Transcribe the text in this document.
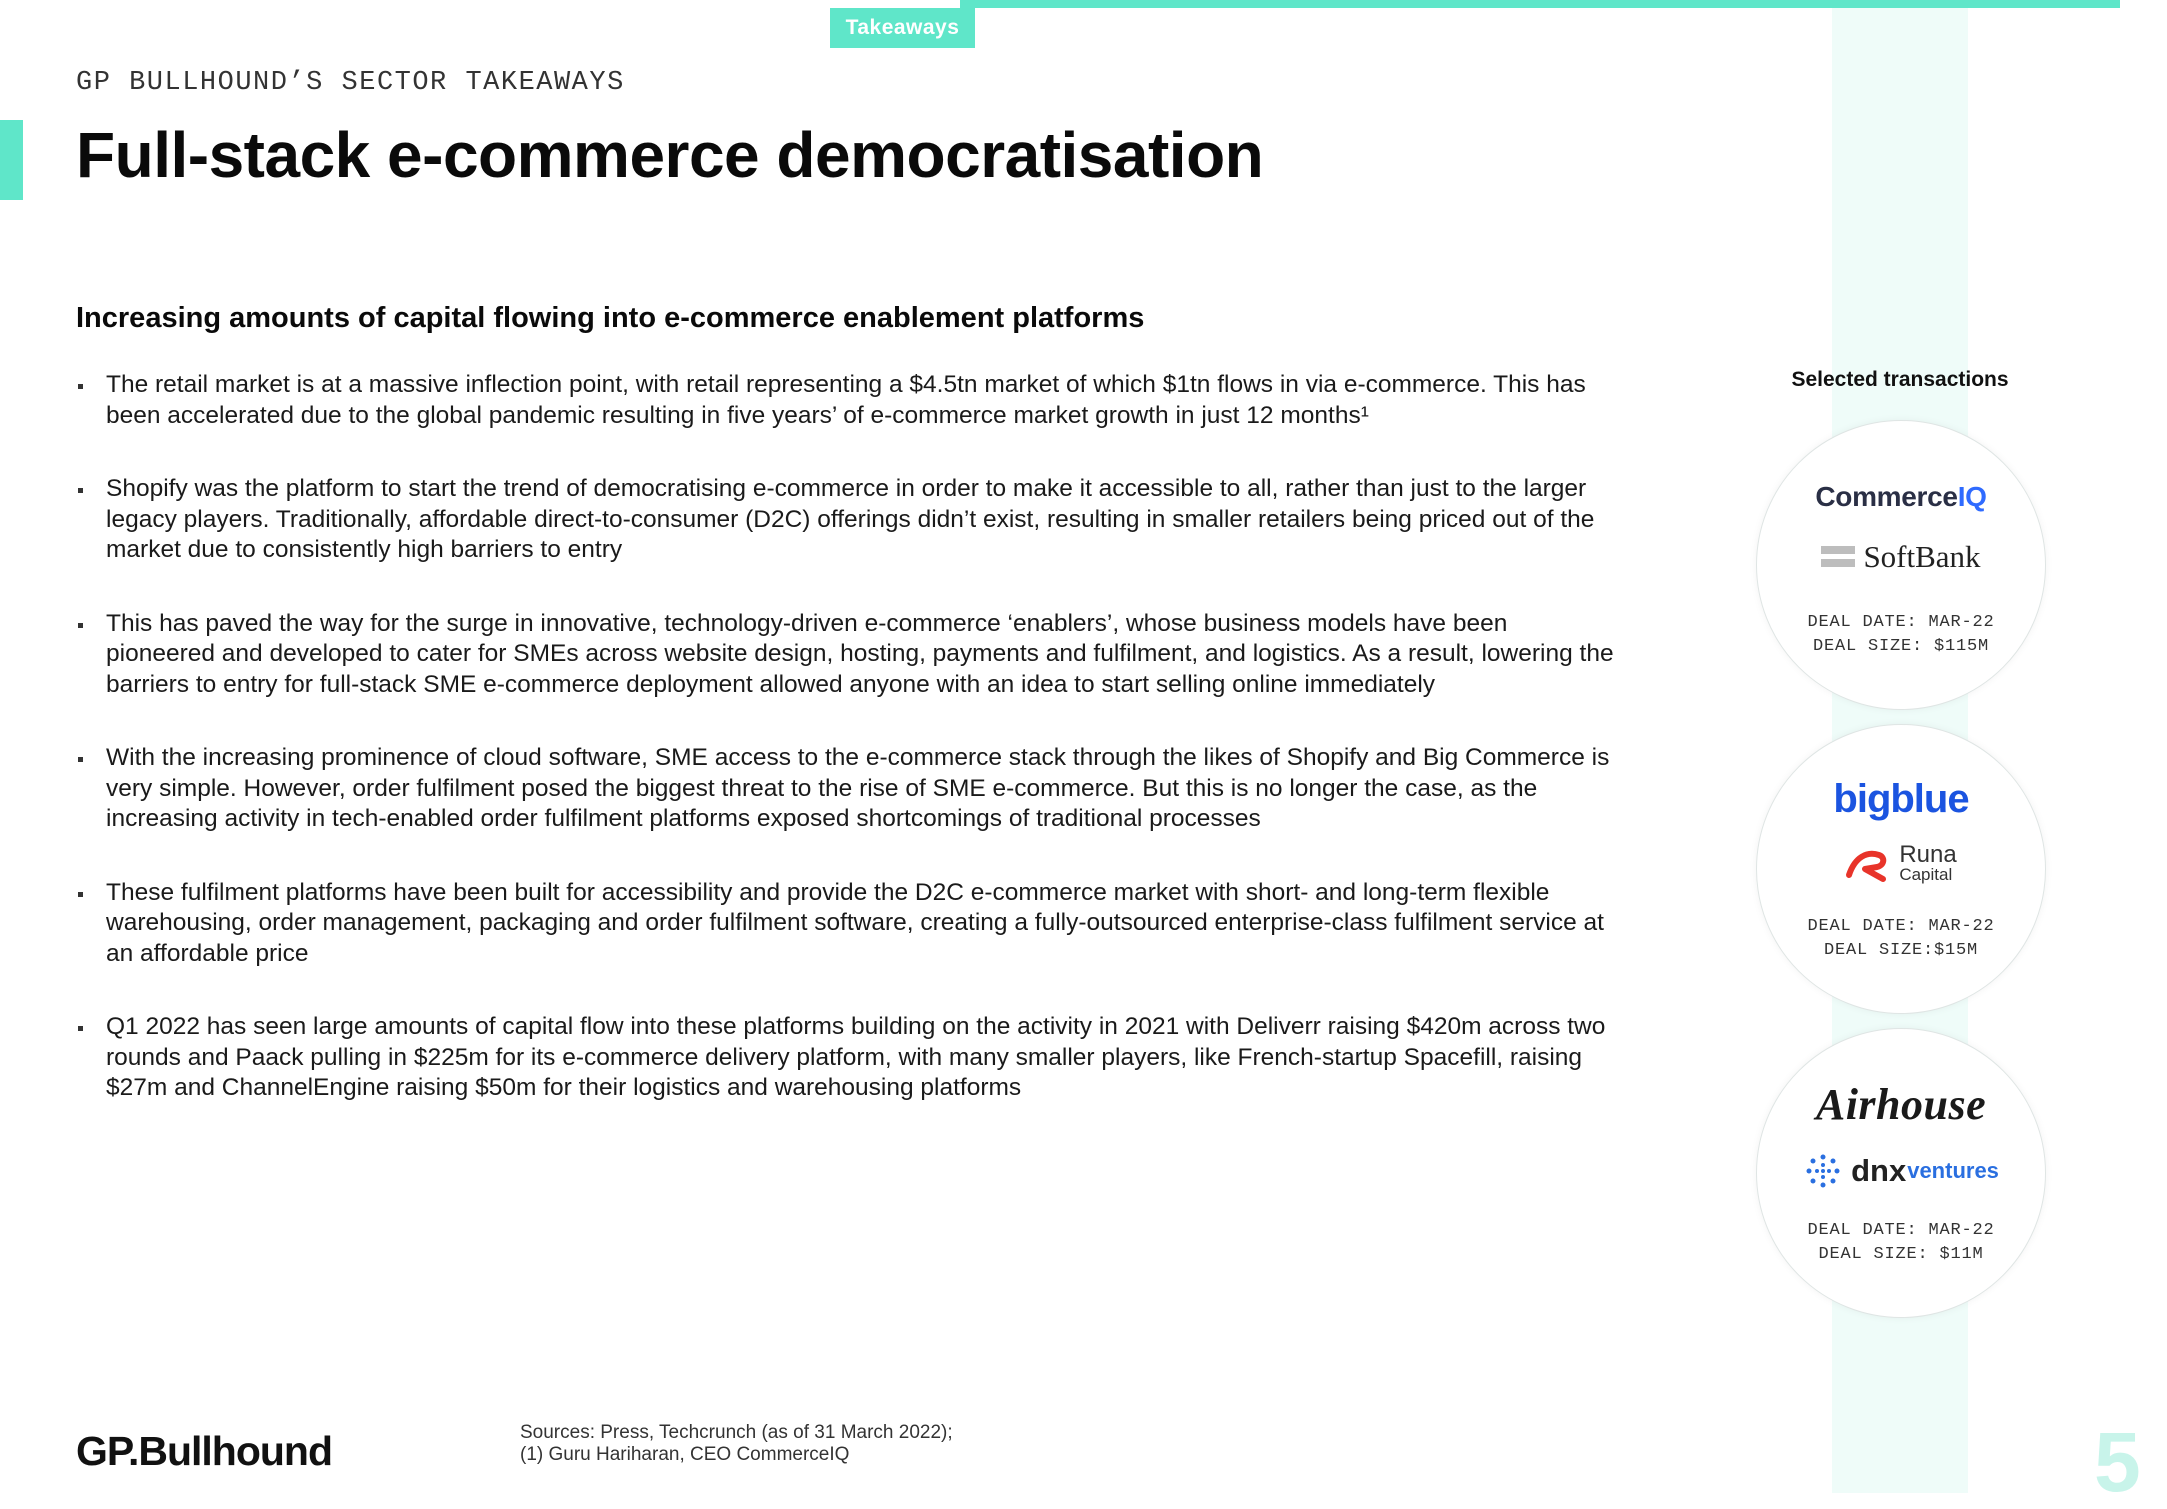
Takeaways
GP BULLHOUND’S SECTOR TAKEAWAYS
Full-stack e-commerce democratisation
Increasing amounts of capital flowing into e-commerce enablement platforms
The retail market is at a massive inflection point, with retail representing a $4.5tn market of which $1tn flows in via e-commerce. This has been accelerated due to the global pandemic resulting in five years’ of e-commerce market growth in just 12 months¹
Shopify was the platform to start the trend of democratising e-commerce in order to make it accessible to all, rather than just to the larger legacy players. Traditionally, affordable direct-to-consumer (D2C) offerings didn’t exist, resulting in smaller retailers being priced out of the market due to consistently high barriers to entry
This has paved the way for the surge in innovative, technology-driven e-commerce ‘enablers’, whose business models have been pioneered and developed to cater for SMEs across website design, hosting, payments and fulfilment, and logistics. As a result, lowering the barriers to entry for full-stack SME e-commerce deployment allowed anyone with an idea to start selling online immediately
With the increasing prominence of cloud software, SME access to the e-commerce stack through the likes of Shopify and Big Commerce is very simple. However, order fulfilment posed the biggest threat to the rise of SME e-commerce. But this is no longer the case, as the increasing activity in tech-enabled order fulfilment platforms exposed shortcomings of traditional processes
These fulfilment platforms have been built for accessibility and provide the D2C e-commerce market with short- and long-term flexible warehousing, order management, packaging and order fulfilment software, creating a fully-outsourced enterprise-class fulfilment service at an affordable price
Q1 2022 has seen large amounts of capital flow into these platforms building on the activity in 2021 with Deliverr raising $420m across two rounds and Paack pulling in $225m for its e-commerce delivery platform, with many smaller players, like French-startup Spacefill, raising $27m and ChannelEngine raising $50m for their logistics and warehousing platforms
Selected transactions
Commerce IQ
SoftBank
DEAL DATE: MAR-22
DEAL SIZE: $115M
bigblue
Runa
Capital
DEAL DATE: MAR-22
DEAL SIZE:$15M
Airhouse
dnx ventures
DEAL DATE: MAR-22
DEAL SIZE: $11M
GP.Bullhound	Sources: Press, Techcrunch (as of 31 March 2022);
(1) Guru Hariharan, CEO CommerceIQ	5
